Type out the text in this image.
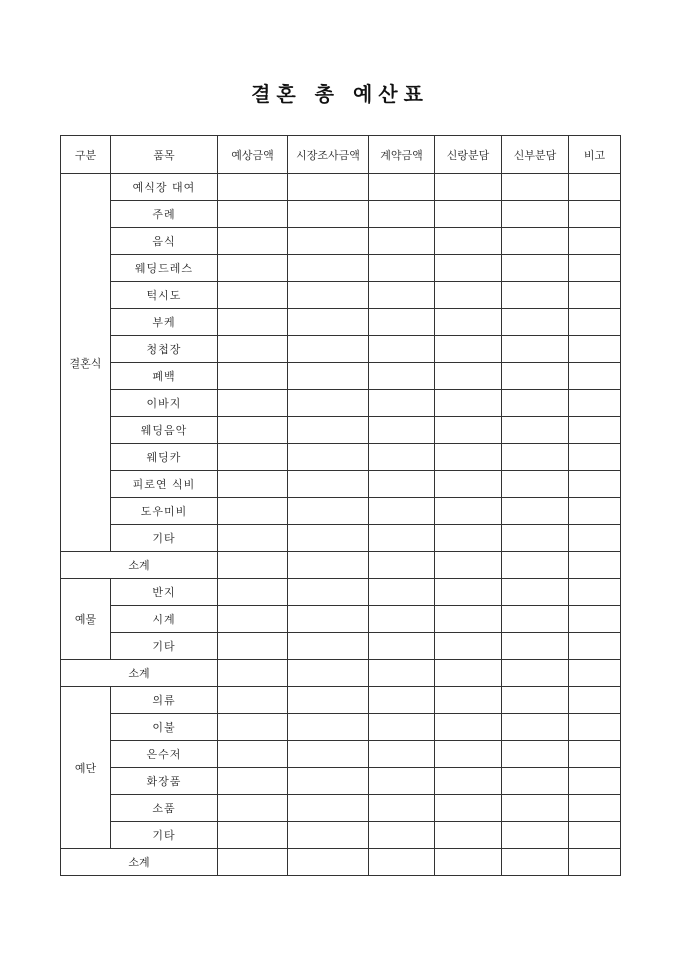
결혼 총 예산표
구분	품목	예상금액	시장조사금액	계약금액	신랑분담	신부분담	비고
결혼식	예식장 대여						
	주례						
	음식						
	웨딩드레스						
	턱시도						
	부케						
	청첩장						
	폐백						
	이바지						
	웨딩음악						
	웨딩카						
	피로연 식비						
	도우미비						
	기타						
소계							
예물	반지						
	시계						
	기타						
소계							
예단	의류						
	이불						
	은수저						
	화장품						
	소품						
	기타						
소계							
